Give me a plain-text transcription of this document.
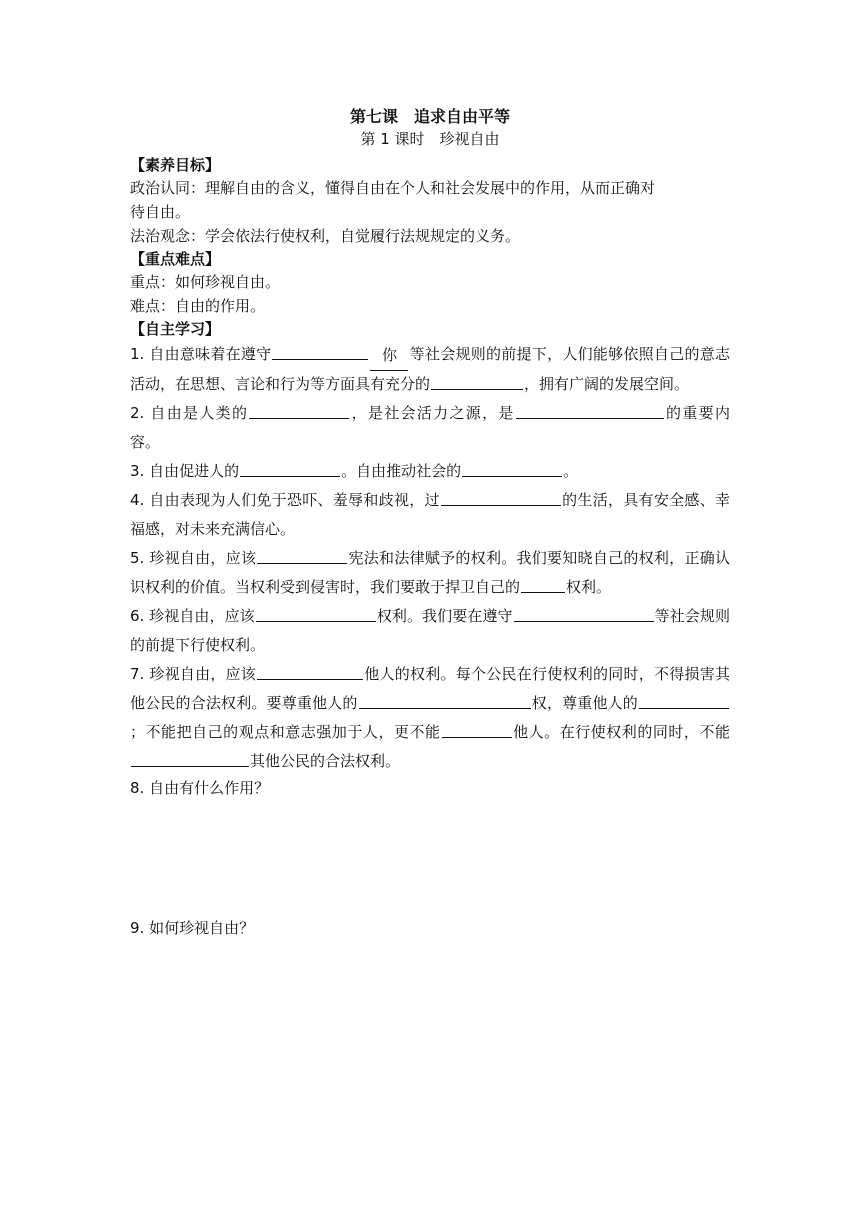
第七课　追求自由平等

第 1 课时　珍视自由

【素养目标】

政治认同：理解自由的含义，懂得自由在个人和社会发展中的作用，从而正确对

待自由。

法治观念：学会依法行使权利，自觉履行法规规定的义务。

【重点难点】

重点：如何珍视自由。

难点：自由的作用。

【自主学习】

1. 自由意味着在遵守	你 等社会规则的前提下，人们能够依照自己的意志活动，在思想、言论和行为等方面具有充分的	，拥有广阔的发展空间。

2. 自由是人类的	，是社会活力之源，是	的重要内容。

3. 自由促进人的	。自由推动社会的	。

4. 自由表现为人们免于恐吓、羞辱和歧视，过	的生活，具有安全感、幸福感，对未来充满信心。

5. 珍视自由，应该	宪法和法律赋予的权利。我们要知晓自己的权利，正确认识权利的价值。当权利受到侵害时，我们要敢于捍卫自己的	权利。

6. 珍视自由，应该	权利。我们要在遵守	等社会规则的前提下行使权利。

7. 珍视自由，应该	他人的权利。每个公民在行使权利的同时，不得损害其他公民的合法权利。要尊重他人的	权，尊重他人的；不能把自己的观点和意志强加于人，更不能	他人。在行使权利的同时，不能其他公民的合法权利。

8. 自由有什么作用？

9. 如何珍视自由？
